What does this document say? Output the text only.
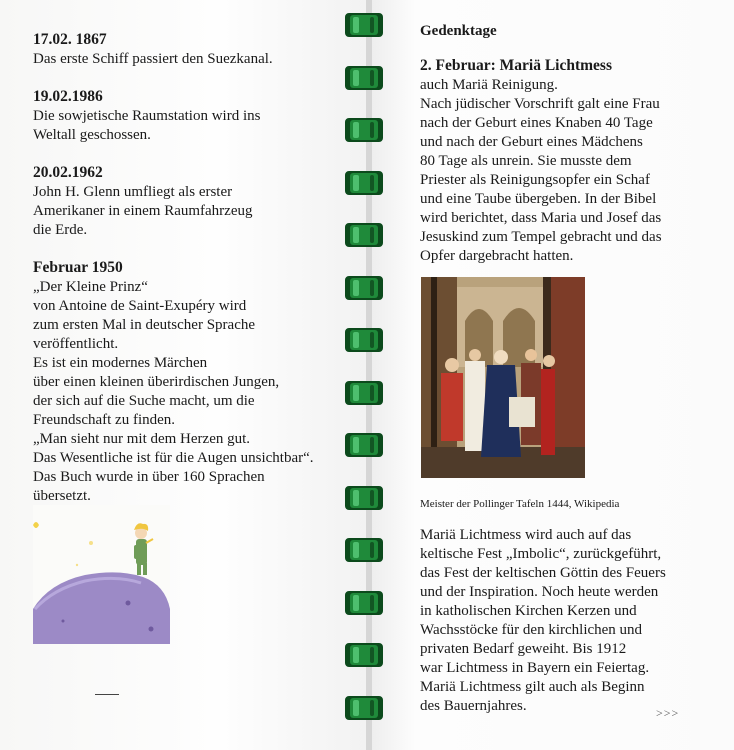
17.02. 1867
Das erste Schiff passiert den Suezkanal.
19.02.1986
Die sowjetische Raumstation wird ins
Weltall geschossen.
20.02.1962
John H. Glenn umfliegt als erster
Amerikaner in einem Raumfahrzeug
die Erde.
Februar 1950
„Der Kleine Prinz“
von Antoine de Saint-Exupéry wird
zum ersten Mal in deutscher Sprache
veröffentlicht.
Es ist ein modernes Märchen
über einen kleinen überirdischen Jungen,
der sich auf die Suche macht, um die
Freundschaft zu finden.
„Man sieht nur mit dem Herzen gut.
Das Wesentliche ist für die Augen unsichtbar“.
Das Buch wurde in über 160 Sprachen
übersetzt.
Gedenktage
2. Februar: Mariä Lichtmess
auch Mariä Reinigung.
Nach jüdischer Vorschrift galt eine Frau
nach der Geburt eines Knaben 40 Tage
und nach der Geburt eines Mädchens
80 Tage als unrein. Sie musste dem
Priester als Reinigungsopfer ein Schaf
und eine Taube übergeben. In der Bibel
wird berichtet, dass Maria und Josef das
Jesuskind zum Tempel gebracht und das
Opfer dargebracht hatten.
Meister der Pollinger Tafeln 1444, Wikipedia
Mariä Lichtmess wird auch auf das
keltische Fest „Imbolic“, zurückgeführt,
das Fest der keltischen Göttin des Feuers
und der Inspiration. Noch heute werden
in katholischen Kirchen Kerzen und
Wachsstöcke für den kirchlichen und
privaten Bedarf geweiht. Bis 1912
war Lichtmess in Bayern ein Feiertag.
Mariä Lichtmess gilt auch als Beginn
des Bauernjahres.	>>>
